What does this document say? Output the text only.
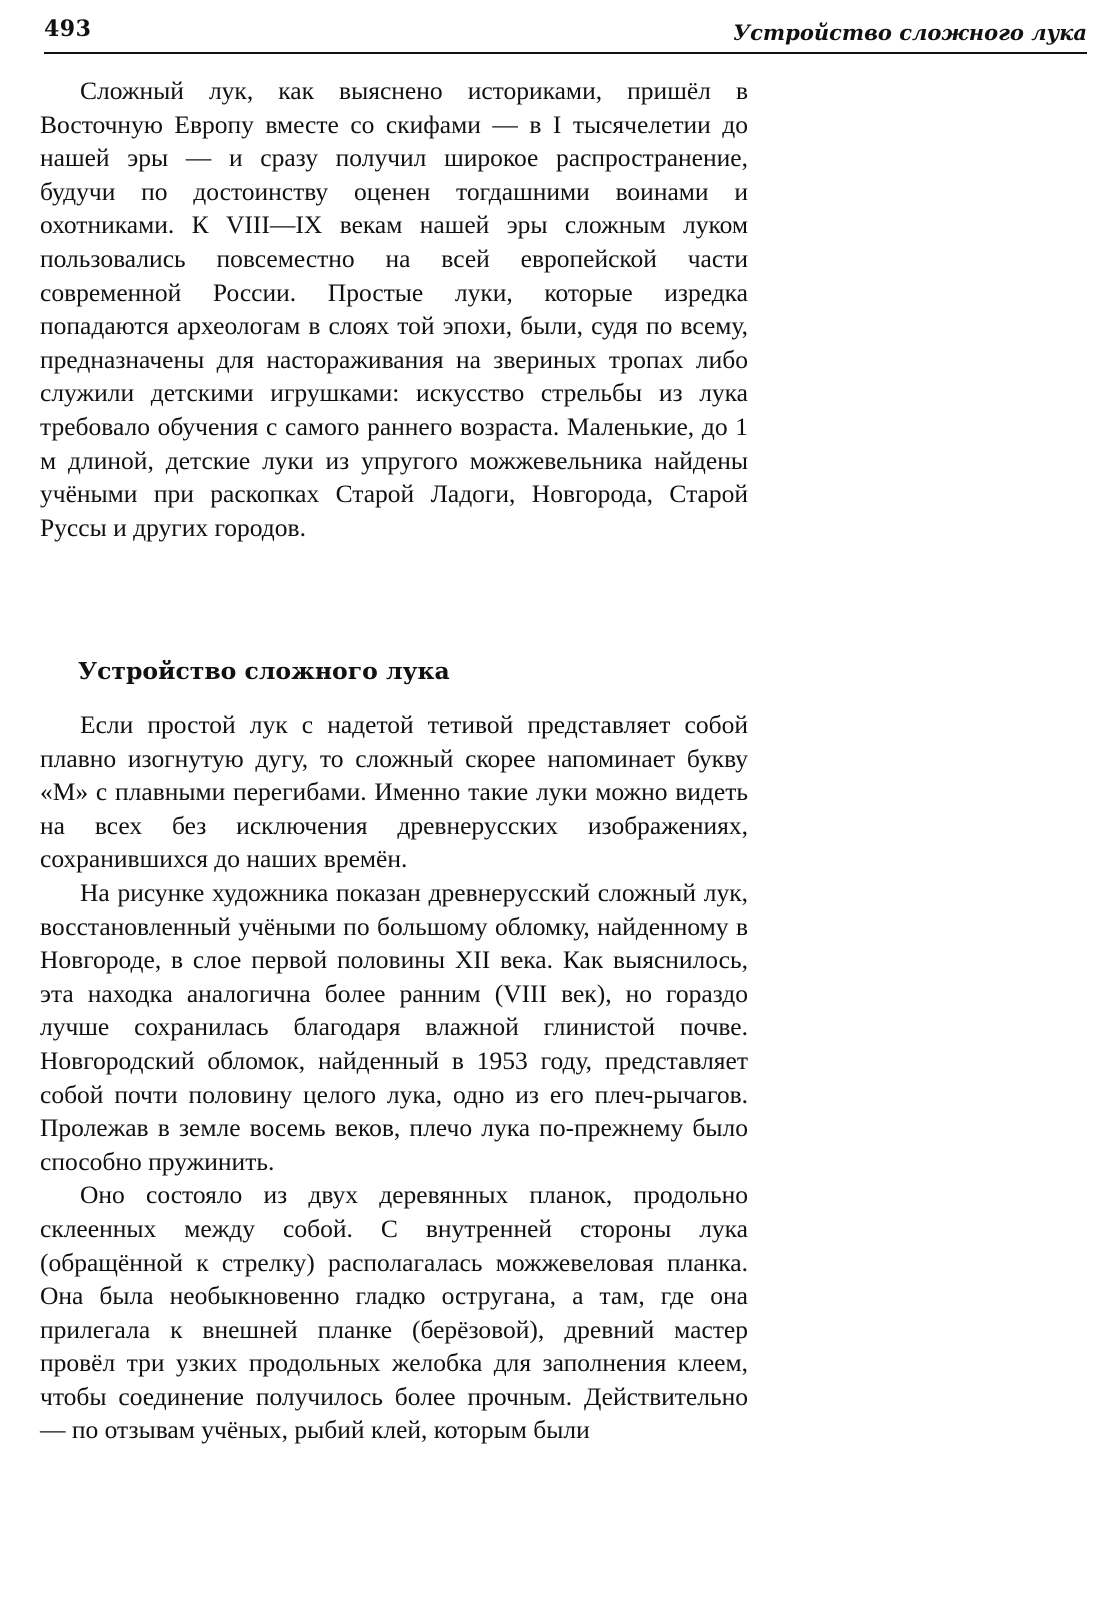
493	Устройство сложного лука

Сложный лук, как выяснено историками, пришёл в Восточную Европу вместе со скифами — в I тысячелетии до нашей эры — и сразу получил широкое распространение, будучи по достоинству оценен тогдашними воинами и охотниками. К VIII—IX векам нашей эры сложным луком пользовались повсеместно на всей европейской части современной России. Простые луки, которые изредка попадаются археологам в слоях той эпохи, были, судя по всему, предназначены для настораживания на звериных тропах либо служили детскими игрушками: искусство стрельбы из лука требовало обучения с самого раннего возраста. Маленькие, до 1 м длиной, детские луки из упругого можжевельника найдены учёными при раскопках Старой Ладоги, Новгорода, Старой Руссы и других городов.

Устройство сложного лука

Если простой лук с надетой тетивой представляет собой плавно изогнутую дугу, то сложный скорее напоминает букву «М» с плавными перегибами. Именно такие луки можно видеть на всех без исключения древнерусских изображениях, сохранившихся до наших времён.

На рисунке художника показан древнерусский сложный лук, восстановленный учёными по большому обломку, найденному в Новгороде, в слое первой половины XII века. Как выяснилось, эта находка аналогична более ранним (VIII век), но гораздо лучше сохранилась благодаря влажной глинистой почве. Новгородский обломок, найденный в 1953 году, представляет собой почти половину целого лука, одно из его плеч-рычагов. Пролежав в земле восемь веков, плечо лука по-прежнему было способно пружинить.

Оно состояло из двух деревянных планок, продольно склеенных между собой. С внутренней стороны лука (обращённой к стрелку) располагалась можжевеловая планка. Она была необыкновенно гладко оструганa, а там, где она прилегала к внешней планке (берёзовой), древний мастер провёл три узких продольных желобка для заполнения клеем, чтобы соединение получилось более прочным. Действительно — по отзывам учёных, рыбий клей, которым были
